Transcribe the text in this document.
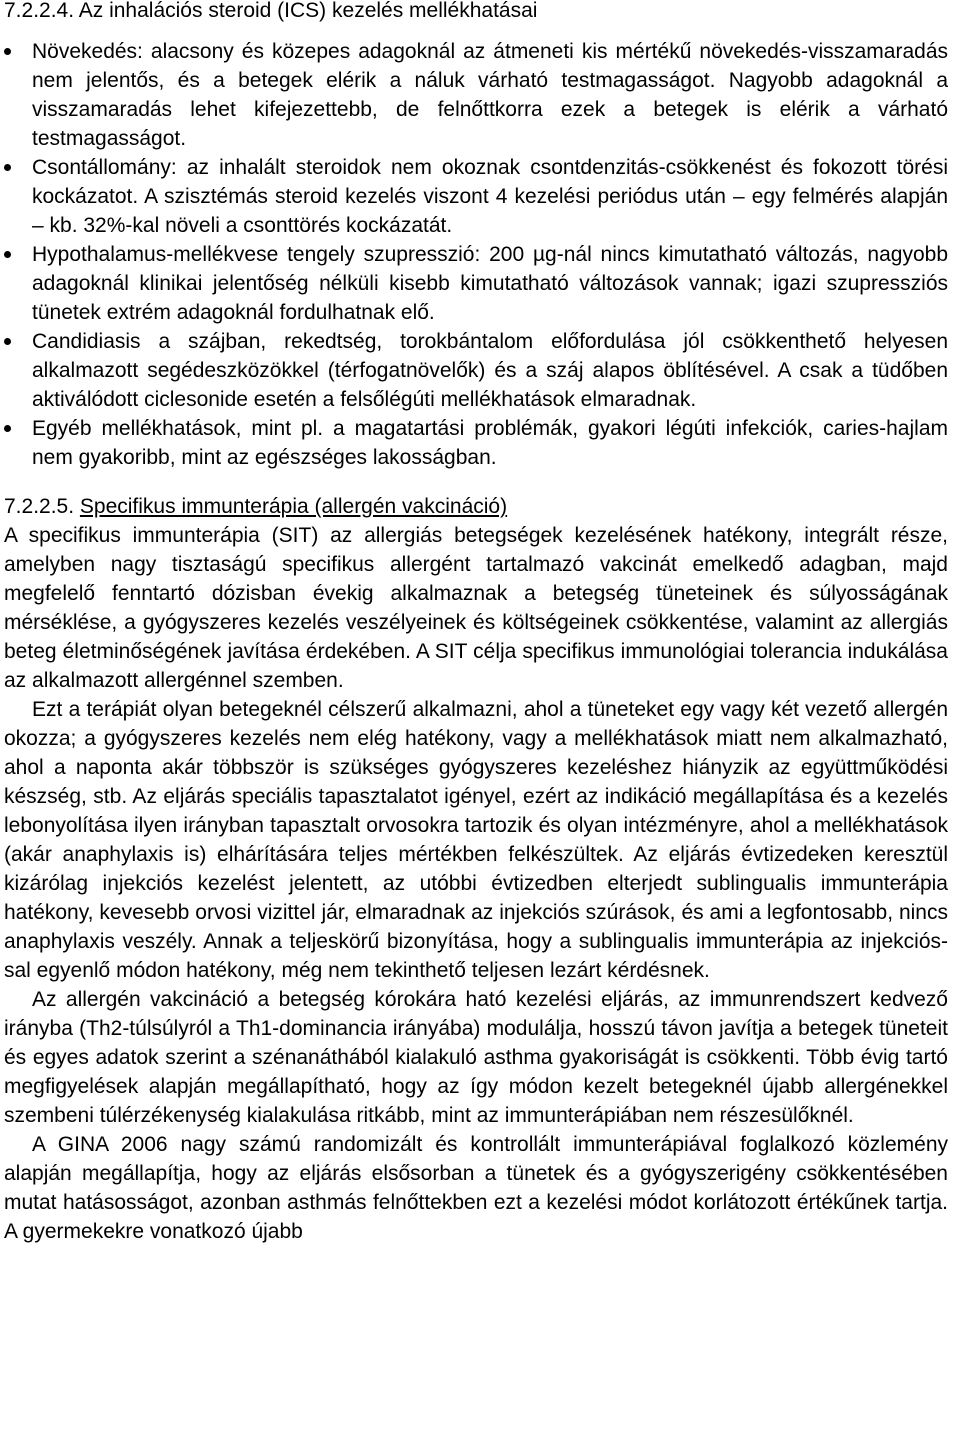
7.2.2.4. Az inhalációs steroid (ICS) kezelés mellékhatásai
Növekedés: alacsony és közepes adagoknál az átmeneti kis mértékű növekedés-visszamaradás nem jelentős, és a betegek elérik a náluk várható testmagasságot. Nagyobb adagoknál a visszamaradás lehet kifejezettebb, de felnőttkorra ezek a betegek is elérik a várható testmagasságot.
Csontállomány: az inhalált steroidok nem okoznak csontdenzitás-csökkenést és fokozott törési kockázatot. A szisztémás steroid kezelés viszont 4 kezelési periódus után – egy felmérés alapján – kb. 32%-kal növeli a csonttörés kockázatát.
Hypothalamus-mellékvese tengely szupresszió: 200 µg-nál nincs kimutatható változás, nagyobb adagoknál klinikai jelentőség nélküli kisebb kimutatható változások vannak; igazi szupressziós tünetek extrém adagoknál fordulhatnak elő.
Candidiasis a szájban, rekedtség, torokbántalom előfordulása jól csökkenthető helyesen alkalmazott segédeszközökkel (térfogatnövelők) és a száj alapos öblítésével. A csak a tüdőben aktiválódott ciclesonide esetén a felsőlégúti mellékhatások elmaradnak.
Egyéb mellékhatások, mint pl. a magatartási problémák, gyakori légúti infekciók, caries-hajlam nem gyakoribb, mint az egészséges lakosságban.
7.2.2.5. Specifikus immunterápia (allergén vakcináció)

A specifikus immunterápia (SIT) az allergiás betegségek kezelésének hatékony, integrált része, amelyben nagy tisztaságú specifikus allergént tartalmazó vakcinát emelkedő adagban, majd megfelelő fenntartó dózisban évekig alkalmaznak a betegség tüneteinek és súlyosságának mérséklése, a gyógyszeres kezelés veszélyeinek és költségeinek csökkentése, valamint az allergiás beteg életminőségének javítása érdekében. A SIT célja specifikus immunológiai tolerancia indukálása az alkalmazott allergénnel szemben.

Ezt a terápiát olyan betegeknél célszerű alkalmazni, ahol a tüneteket egy vagy két vezető allergén okozza; a gyógyszeres kezelés nem elég hatékony, vagy a mellékhatások miatt nem alkalmazható, ahol a naponta akár többször is szükséges gyógyszeres kezeléshez hiányzik az együttműködési készség, stb. Az eljárás speciális tapasztalatot igényel, ezért az indikáció megállapítása és a kezelés lebonyolítása ilyen irányban tapasztalt orvosokra tartozik és olyan intézményre, ahol a mellékhatások (akár anaphylaxis is) elhárítására teljes mértékben felkészültek. Az eljárás évtizedeken keresztül kizárólag injekciós kezelést jelentett, az utóbbi évtizedben elterjedt sublingualis immunterápia hatékony, kevesebb orvosi vizittel jár, elmaradnak az injekciós szúrások, és ami a legfontosabb, nincs anaphylaxis veszély. Annak a teljeskörű bizonyítása, hogy a sublingualis immunterápia az injekcióssal egyenlő módon hatékony, még nem tekinthető teljesen lezárt kérdésnek.

Az allergén vakcináció a betegség kórokára ható kezelési eljárás, az immunrendszert kedvező irányba (Th2-túlsúlyról a Th1-dominancia irányába) modulálja, hosszú távon javítja a betegek tüneteit és egyes adatok szerint a szénanáthából kialakuló asthma gyakoriságát is csökkenti. Több évig tartó megfigyelések alapján megállapítható, hogy az így módon kezelt betegeknél újabb allergénekkel szembeni túlérzékenység kialakulása ritkább, mint az immunterápiában nem részesülőknél.

A GINA 2006 nagy számú randomizált és kontrollált immunterápiával foglalkozó közlemény alapján megállapítja, hogy az eljárás elsősorban a tünetek és a gyógyszerigény csökkentésében mutat hatásosságot, azonban asthmás felnőttekben ezt a kezelési módot korlátozott értékűnek tartja. A gyermekekre vonatkozó újabb
